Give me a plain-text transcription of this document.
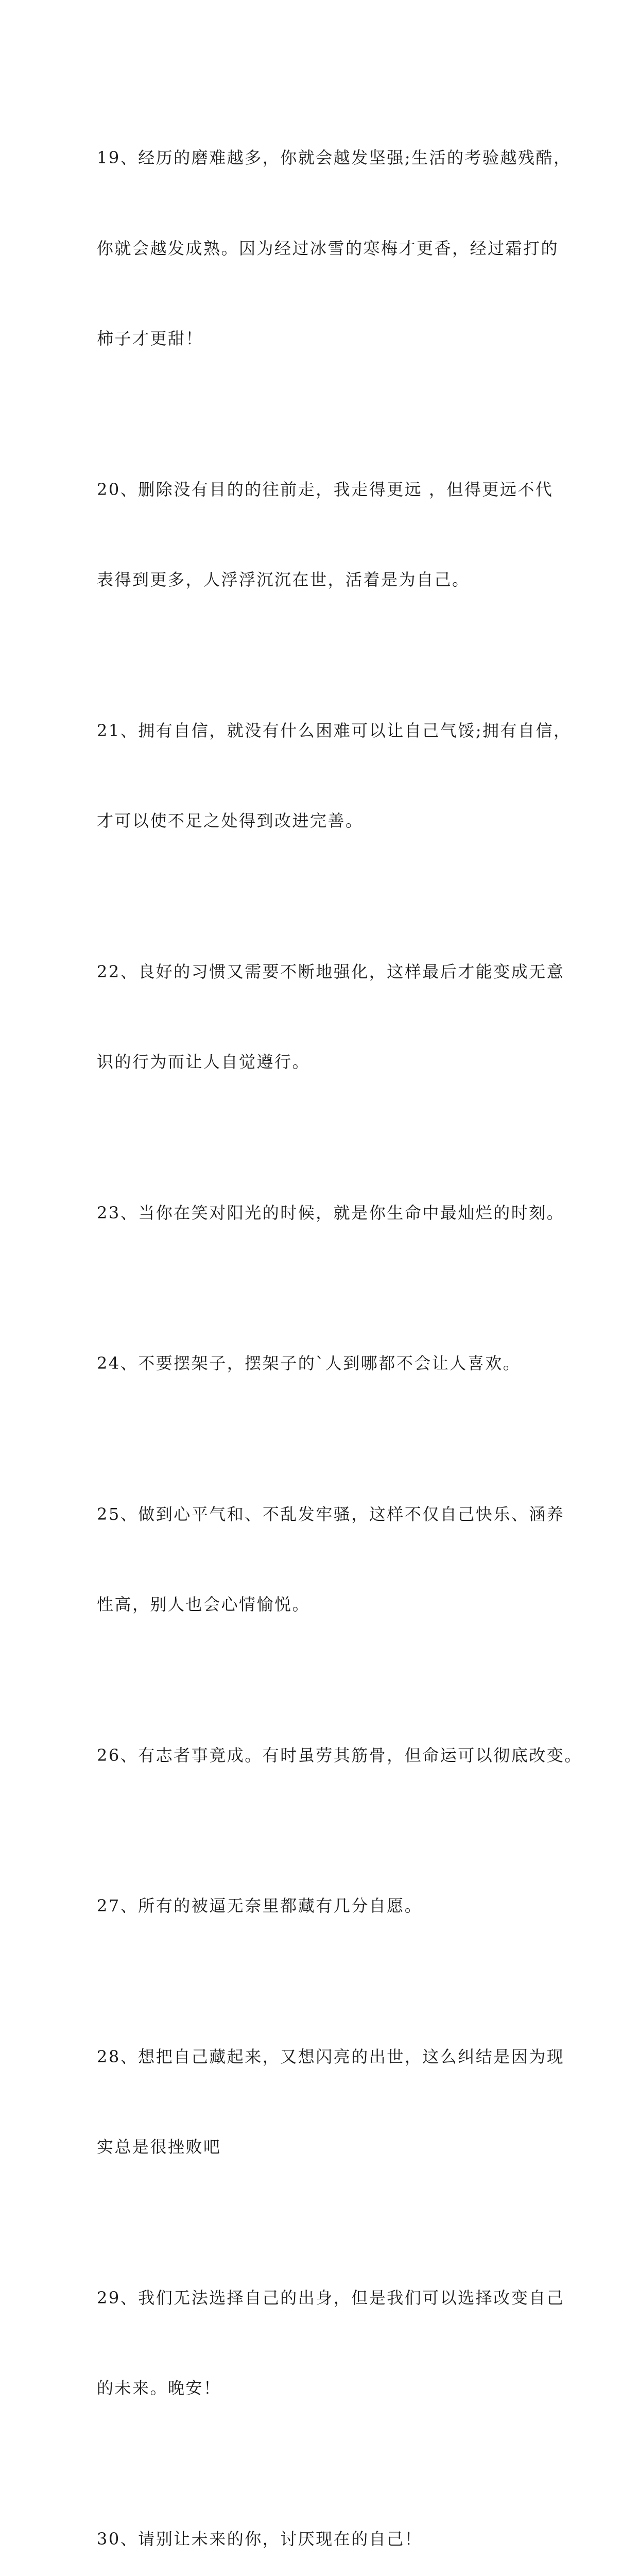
19、经历的磨难越多，你就会越发坚强;生活的考验越残酷，

你就会越发成熟。因为经过冰雪的寒梅才更香，经过霜打的

柿子才更甜！

20、删除没有目的的往前走，我走得更远 ，但得更远不代

表得到更多，人浮浮沉沉在世，活着是为自己。

21、拥有自信，就没有什么困难可以让自己气馁;拥有自信，

才可以使不足之处得到改进完善。

22、良好的习惯又需要不断地强化，这样最后才能变成无意

识的行为而让人自觉遵行。

23、当你在笑对阳光的时候，就是你生命中最灿烂的时刻。

24、不要摆架子，摆架子的`人到哪都不会让人喜欢。

25、做到心平气和、不乱发牢骚，这样不仅自己快乐、涵养

性高，别人也会心情愉悦。

26、有志者事竟成。有时虽劳其筋骨，但命运可以彻底改变。

27、所有的被逼无奈里都藏有几分自愿。

28、想把自己藏起来，又想闪亮的出世，这么纠结是因为现

实总是很挫败吧

29、我们无法选择自己的出身，但是我们可以选择改变自己

的未来。晚安！

30、请别让未来的你，讨厌现在的自己！
